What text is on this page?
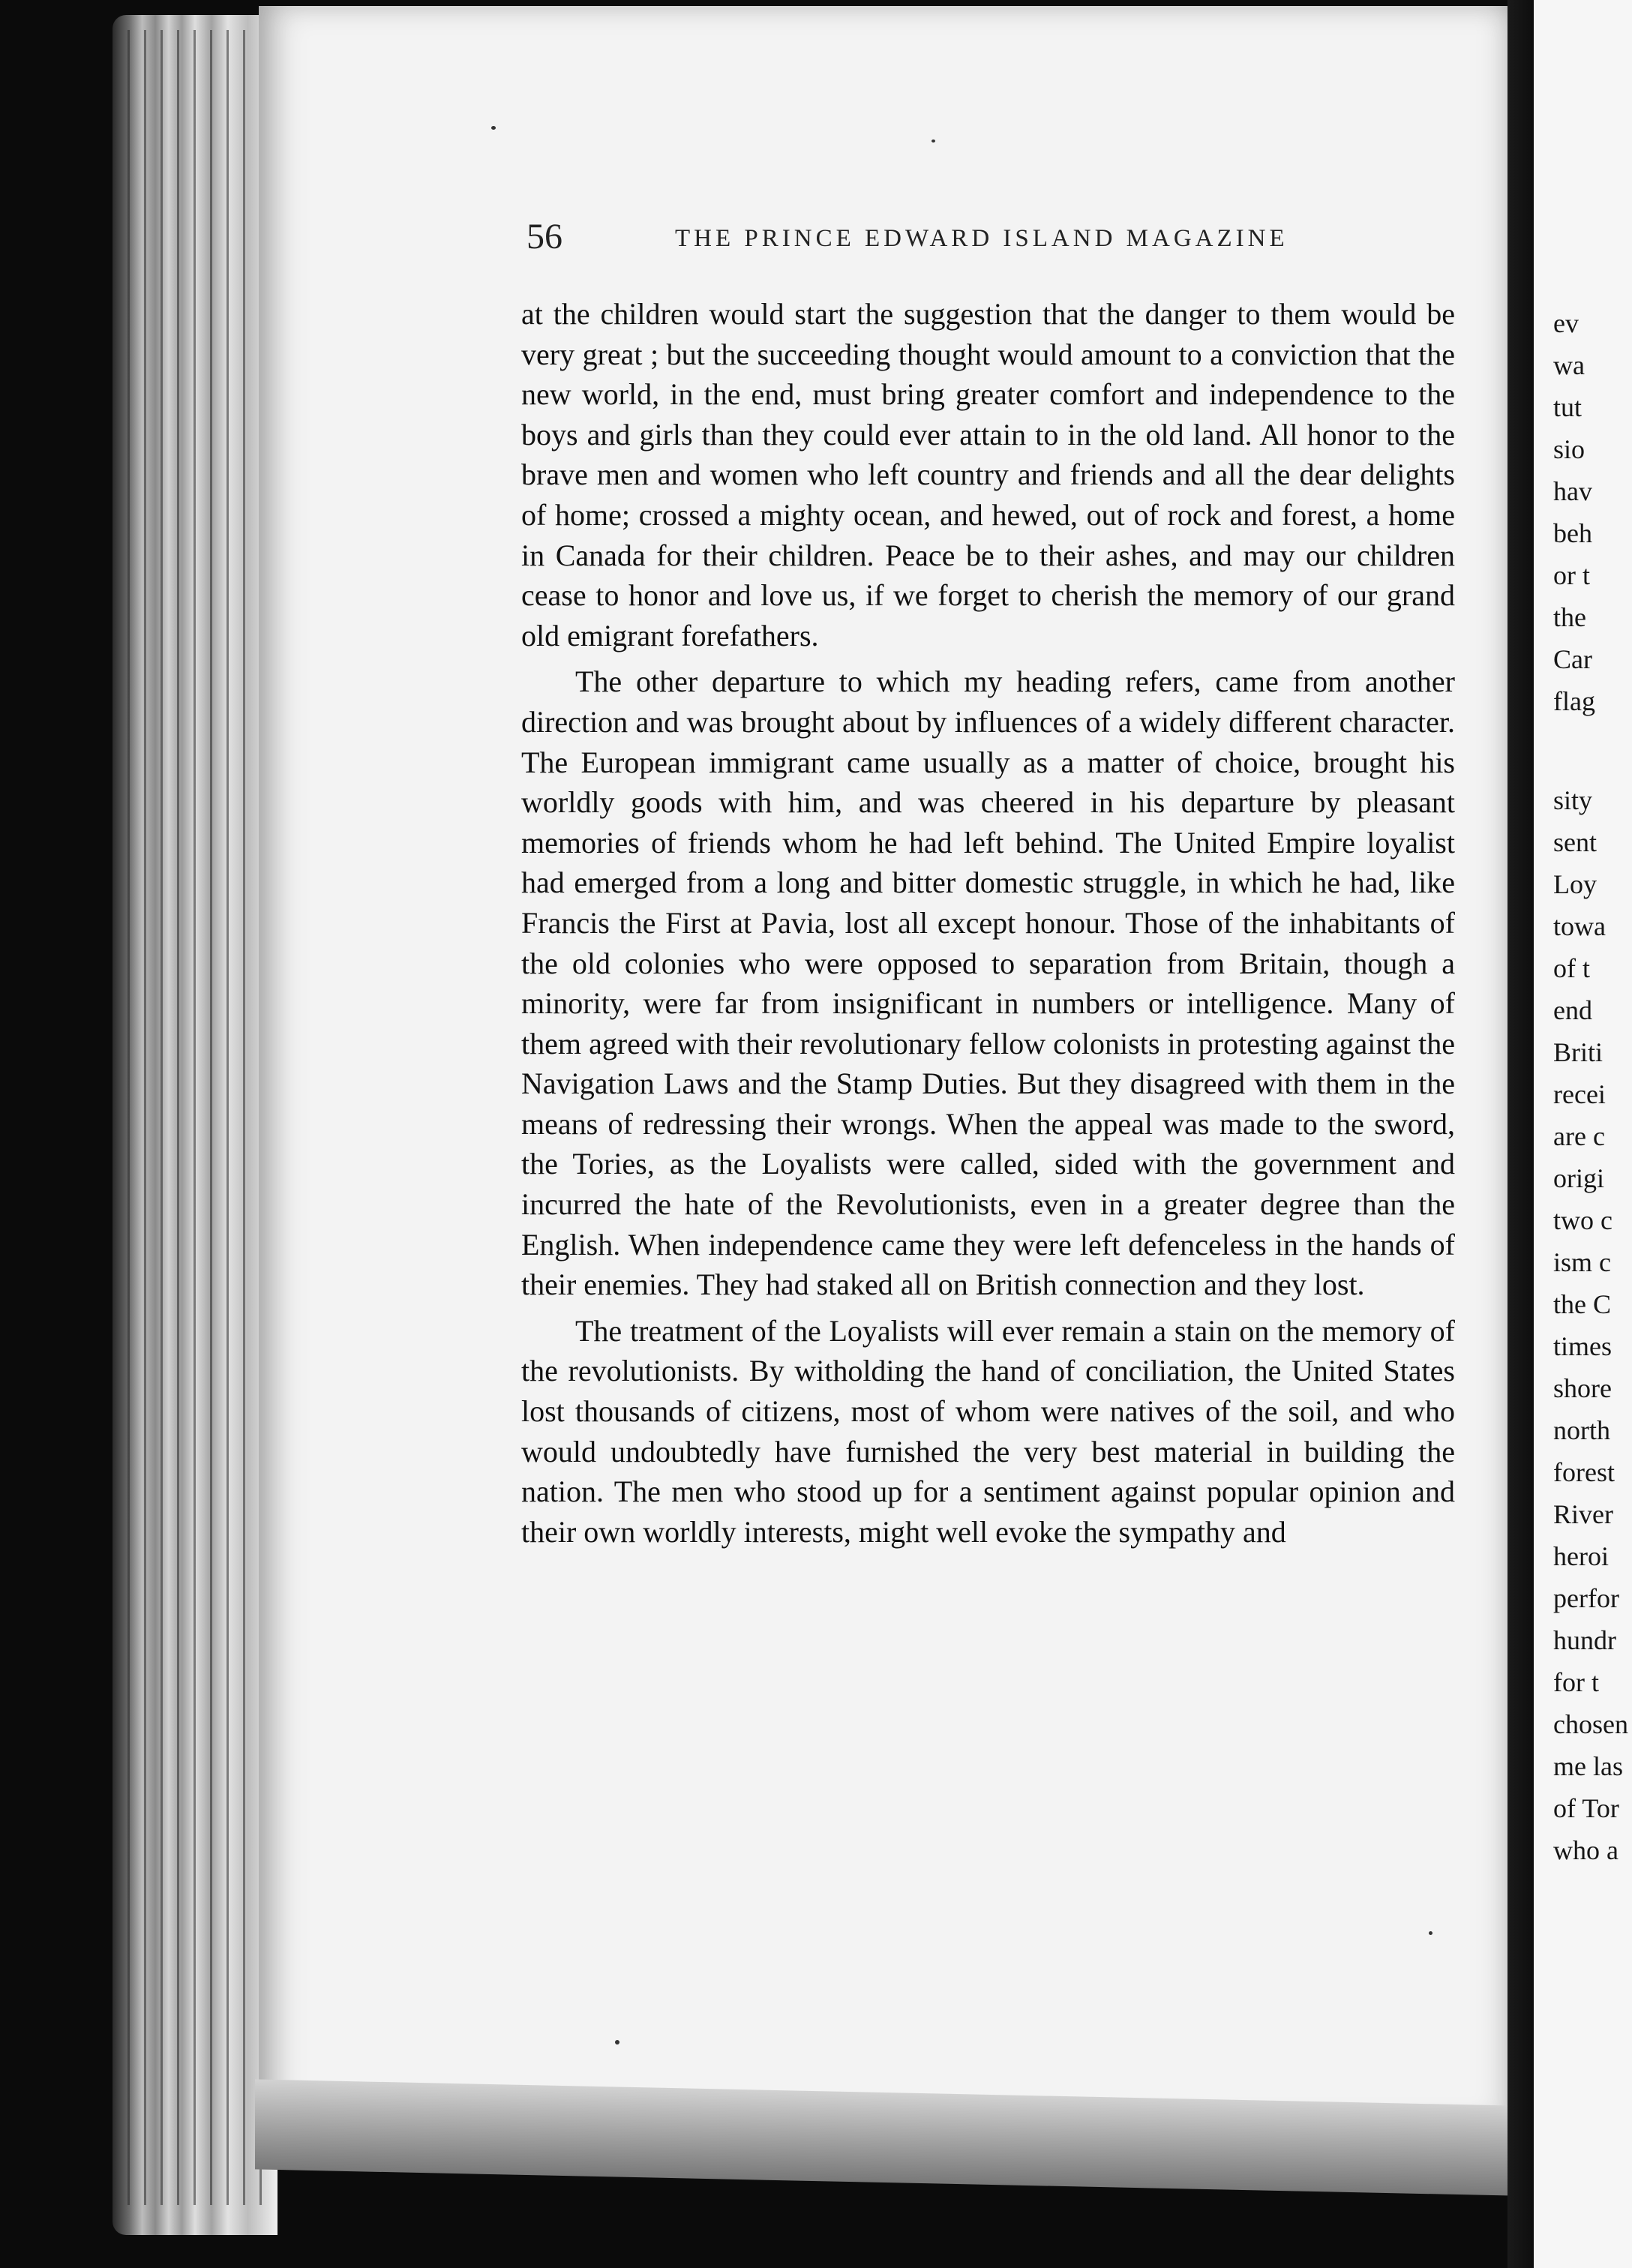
56	THE PRINCE EDWARD ISLAND MAGAZINE

at the children would start the suggestion that the danger to them would be very great ; but the succeeding thought would amount to a conviction that the new world, in the end, must bring greater comfort and independence to the boys and girls than they could ever attain to in the old land. All honor to the brave men and women who left country and friends and all the dear delights of home; crossed a mighty ocean, and hewed, out of rock and forest, a home in Canada for their children. Peace be to their ashes, and may our children cease to honor and love us, if we forget to cherish the memory of our grand old emigrant forefathers.

The other departure to which my heading refers, came from another direction and was brought about by influences of a widely different character. The European immigrant came usually as a matter of choice, brought his worldly goods with him, and was cheered in his departure by pleasant memories of friends whom he had left behind. The United Empire loyalist had emerged from a long and bitter domestic struggle, in which he had, like Francis the First at Pavia, lost all except honour. Those of the inhabitants of the old colonies who were opposed to separation from Britain, though a minority, were far from insignificant in numbers or intelligence. Many of them agreed with their revolutionary fellow colonists in protesting against the Navigation Laws and the Stamp Duties. But they disagreed with them in the means of redressing their wrongs. When the appeal was made to the sword, the Tories, as the Loyalists were called, sided with the government and incurred the hate of the Revolutionists, even in a greater degree than the English. When independence came they were left defenceless in the hands of their enemies. They had staked all on British connection and they lost.

The treatment of the Loyalists will ever remain a stain on the memory of the revolutionists. By witholding the hand of conciliation, the United States lost thousands of citizens, most of whom were natives of the soil, and who would undoubtedly have furnished the very best material in building the nation. The men who stood up for a sentiment against popular opinion and their own worldly interests, might well evoke the sympathy and

ev
wa
tut
sio
hav
beh
or t
the
Car
flag
sity
sent
Loy
towa
of t
end
Briti
recei
are c
origi
two c
ism c
the C
times
shore
north
forest
River
heroi
perfor
hundr
for t
chosen
me las
of Tor
who a
